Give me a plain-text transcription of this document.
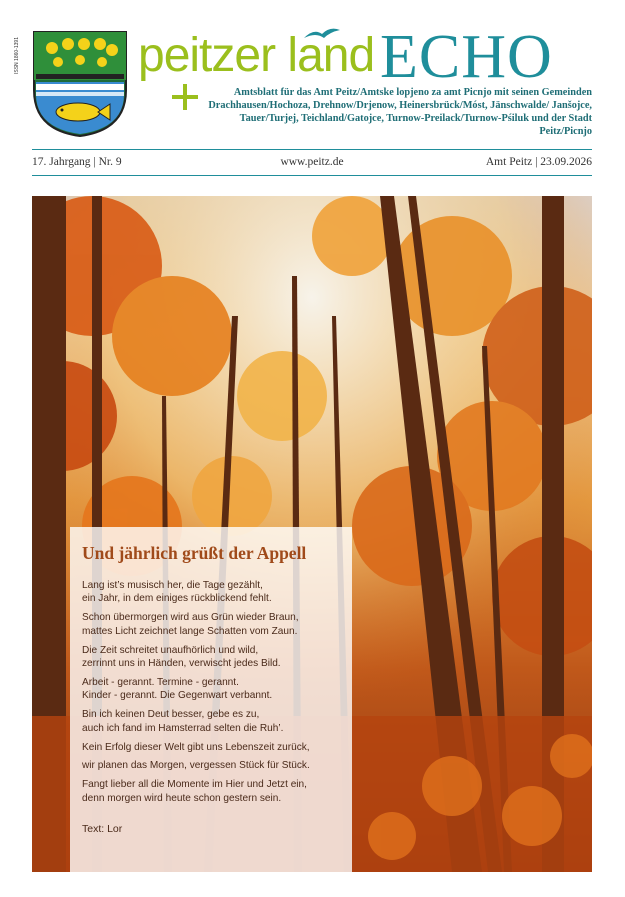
ISSN 1860-1391 peitzer land ECHO
Amtsblatt für das Amt Peitz/Amtske lopjeno za amt Picnjo mit seinen Gemeinden Drachhausen/Hochoza, Drehnow/Drjenow, Heinersbrück/Móst, Jänschwalde/ Janšojce, Tauer/Turjej, Teichland/Gatojce, Turnow-Preilack/Turnow-Pśiluk und der Stadt Peitz/Picnjo
17. Jahrgang | Nr. 9	www.peitz.de	Amt Peitz | 23.09.2026
Und jährlich grüßt der Appell
Lang ist’s musisch her, die Tage gezählt,
ein Jahr, in dem einiges rückblickend fehlt.
Schon übermorgen wird aus Grün wieder Braun,
mattes Licht zeichnet lange Schatten vom Zaun.
Die Zeit schreitet unaufhörlich und wild,
zerrinnt uns in Händen, verwischt jedes Bild.
Arbeit - gerannt. Termine - gerannt.
Kinder - gerannt. Die Gegenwart verbannt.
Bin ich keinen Deut besser, gebe es zu,
auch ich fand im Hamsterrad selten die Ruh’.
Kein Erfolg dieser Welt gibt uns Lebenszeit zurück,
wir planen das Morgen, vergessen Stück für Stück.
Fangt lieber all die Momente im Hier und Jetzt ein,
denn morgen wird heute schon gestern sein.
Text: Lor
